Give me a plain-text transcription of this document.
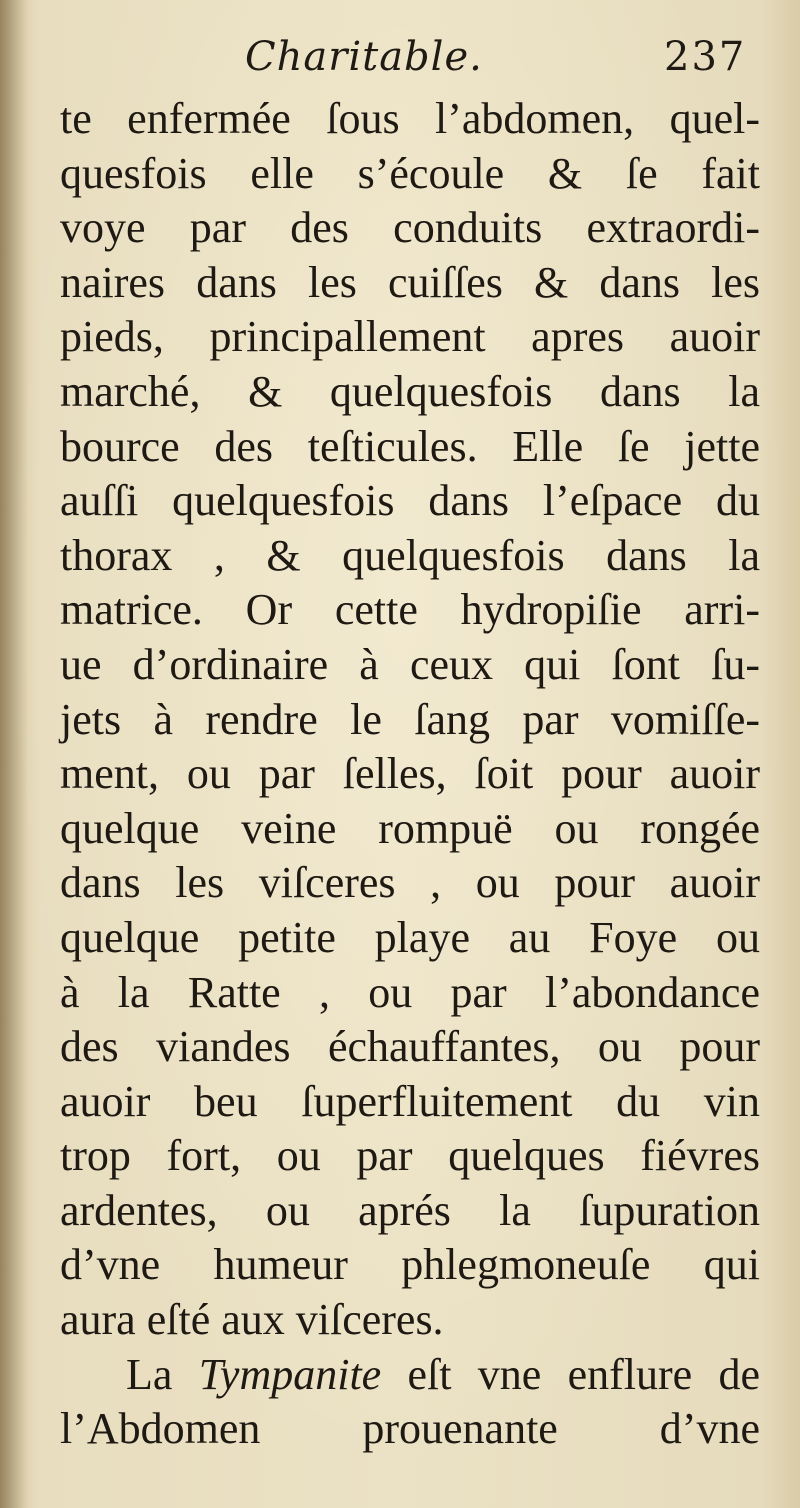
Charitable.	237
te enfermée ſous l’abdomen, quel-
quesfois elle s’écoule & ſe fait
voye par des conduits extraordi-
naires dans les cuiſſes & dans les
pieds, principallement apres auoir
marché, & quelquesfois dans la
bource des teſticules. Elle ſe jette
auſſi quelquesfois dans l’eſpace du
thorax , & quelquesfois dans la
matrice. Or cette hydropiſie arri-
ue d’ordinaire à ceux qui ſont ſu-
jets à rendre le ſang par vomiſſe-
ment, ou par ſelles, ſoit pour auoir
quelque veine rompuë ou rongée
dans les viſceres , ou pour auoir
quelque petite playe au Foye ou
à la Ratte , ou par l’abondance
des viandes échauffantes, ou pour
auoir beu ſuperfluitement du vin
trop fort, ou par quelques fiévres
ardentes, ou aprés la ſupuration
d’vne humeur phlegmoneuſe qui
aura eſté aux viſceres.
La Tympanite eſt vne enflure de
l’Abdomen prouenante d’vne
